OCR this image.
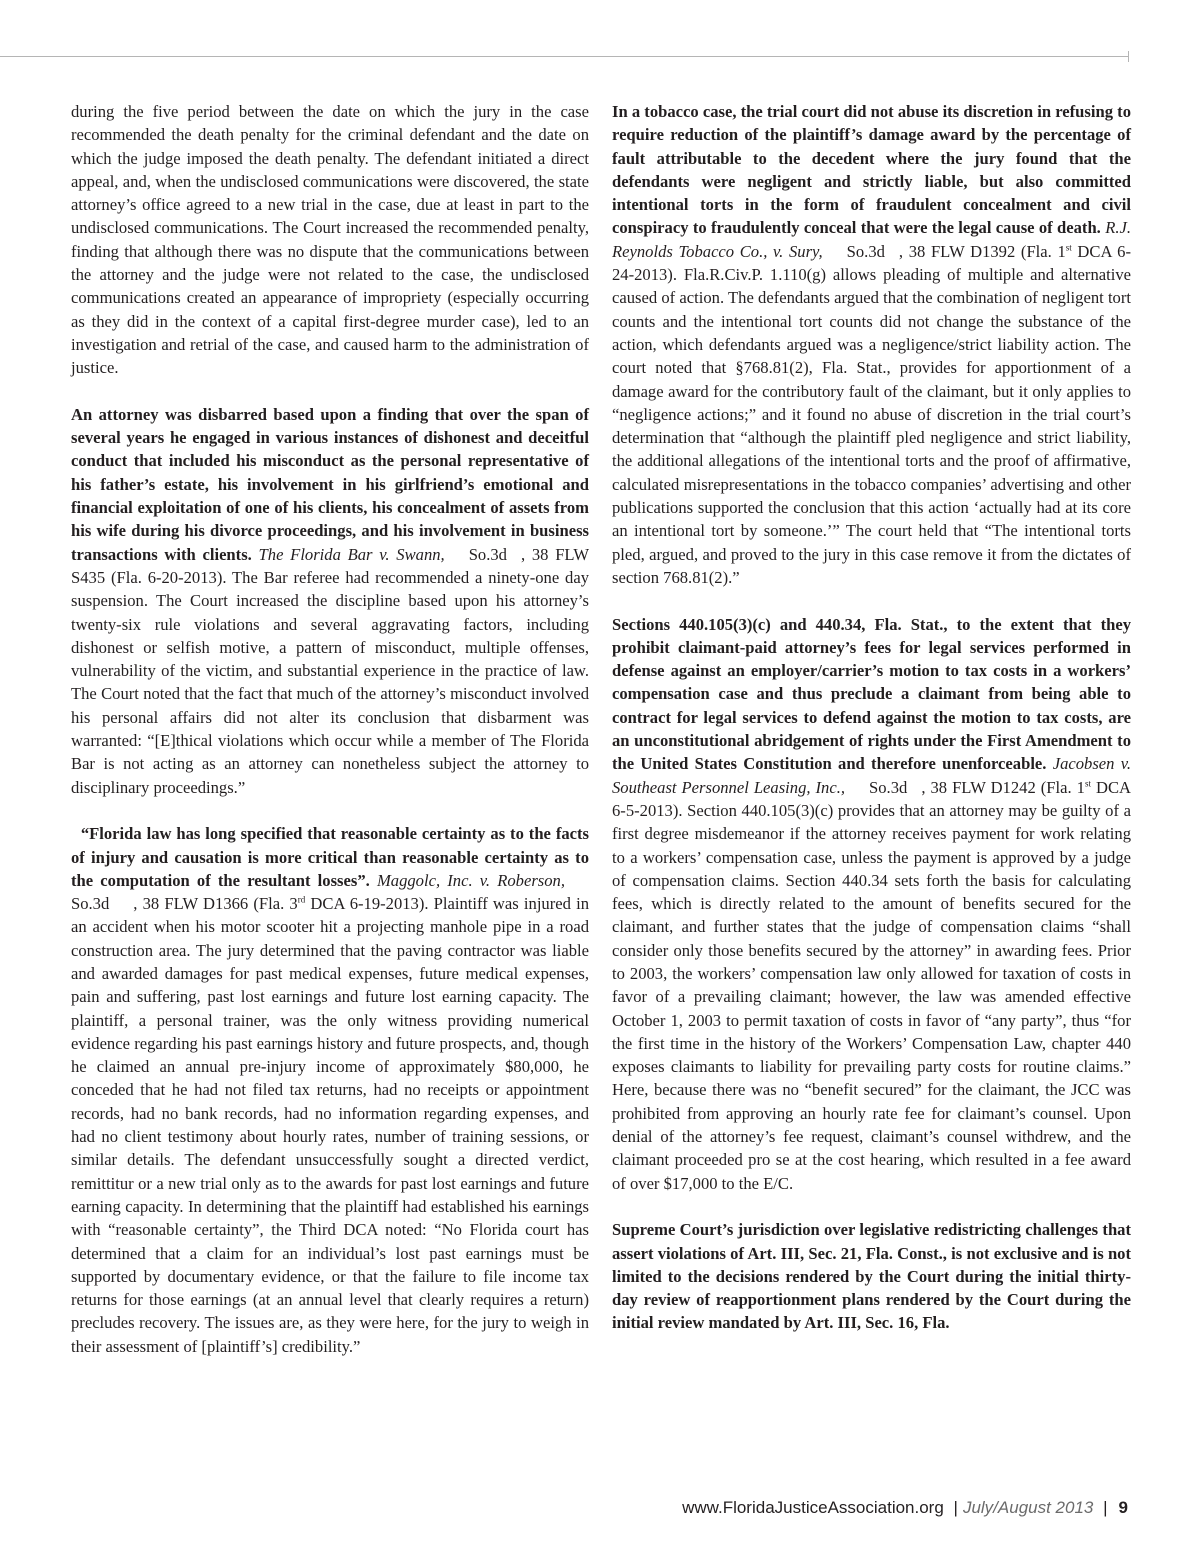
during the five period between the date on which the jury in the case recommended the death penalty for the criminal defendant and the date on which the judge imposed the death penalty. The defendant initiated a direct appeal, and, when the undisclosed communications were discovered, the state attorney’s office agreed to a new trial in the case, due at least in part to the undisclosed communications. The Court increased the recommended penalty, finding that although there was no dispute that the communications between the attorney and the judge were not related to the case, the undisclosed communications created an appearance of impropriety (especially occurring as they did in the context of a capital first-degree murder case), led to an investigation and retrial of the case, and caused harm to the administration of justice.

An attorney was disbarred based upon a finding that over the span of several years he engaged in various instances of dishonest and deceitful conduct that included his misconduct as the personal representative of his father’s estate, his involvement in his girlfriend’s emotional and financial exploitation of one of his clients, his concealment of assets from his wife during his divorce proceedings, and his involvement in business transactions with clients. The Florida Bar v. Swann, So.3d , 38 FLW S435 (Fla. 6-20-2013). The Bar referee had recommended a ninety-one day suspension. The Court increased the discipline based upon his attorney’s twenty-six rule violations and several aggravating factors, including dishonest or selfish motive, a pattern of misconduct, multiple offenses, vulnerability of the victim, and substantial experience in the practice of law. The Court noted that the fact that much of the attorney’s misconduct involved his personal affairs did not alter its conclusion that disbarment was warranted: “[E]thical violations which occur while a member of The Florida Bar is not acting as an attorney can nonetheless subject the attorney to disciplinary proceedings.”

“Florida law has long specified that reasonable certainty as to the facts of injury and causation is more critical than reasonable certainty as to the computation of the resultant losses”. Maggolc, Inc. v. Roberson,So.3d , 38 FLW D1366 (Fla. 3rd DCA 6-19-2013). Plaintiff was injured in an accident when his motor scooter hit a projecting manhole pipe in a road construction area. The jury determined that the paving contractor was liable and awarded damages for past medical expenses, future medical expenses, pain and suffering, past lost earnings and future lost earning capacity. The plaintiff, a personal trainer, was the only witness providing numerical evidence regarding his past earnings history and future prospects, and, though he claimed an annual pre-injury income of approximately $80,000, he conceded that he had not filed tax returns, had no receipts or appointment records, had no bank records, had no information regarding expenses, and had no client testimony about hourly rates, number of training sessions, or similar details. The defendant unsuccessfully sought a directed verdict, remittitur or a new trial only as to the awards for past lost earnings and future earning capacity. In determining that the plaintiff had established his earnings with “reasonable certainty”, the Third DCA noted: “No Florida court has determined that a claim for an individual’s lost past earnings must be supported by documentary evidence, or that the failure to file income tax returns for those earnings (at an annual level that clearly requires a return) precludes recovery. The issues are, as they were here, for the jury to weigh in their assessment of [plaintiff’s] credibility.”

In a tobacco case, the trial court did not abuse its discretion in refusing to require reduction of the plaintiff’s damage award by the percentage of fault attributable to the decedent where the jury found that the defendants were negligent and strictly liable, but also committed intentional torts in the form of fraudulent concealment and civil conspiracy to fraudulently conceal that were the legal cause of death. R.J. Reynolds Tobacco Co., v. Sury, So.3d , 38 FLW D1392 (Fla. 1st DCA 6-24-2013). Fla.R.Civ.P. 1.110(g) allows pleading of multiple and alternative caused of action. The defendants argued that the combination of negligent tort counts and the intentional tort counts did not change the substance of the action, which defendants argued was a negligence/strict liability action. The court noted that §768.81(2), Fla. Stat., provides for apportionment of a damage award for the contributory fault of the claimant, but it only applies to “negligence actions;” and it found no abuse of discretion in the trial court’s determination that “although the plaintiff pled negligence and strict liability, the additional allegations of the intentional torts and the proof of affirmative, calculated misrepresentations in the tobacco companies’ advertising and other publications supported the conclusion that this action ‘actually had at its core an intentional tort by someone.’” The court held that “The intentional torts pled, argued, and proved to the jury in this case remove it from the dictates of section 768.81(2).”

Sections 440.105(3)(c) and 440.34, Fla. Stat., to the extent that they prohibit claimant-paid attorney’s fees for legal services performed in defense against an employer/carrier’s motion to tax costs in a workers’ compensation case and thus preclude a claimant from being able to contract for legal services to defend against the motion to tax costs, are an unconstitutional abridgement of rights under the First Amendment to the United States Constitution and therefore unenforceable. Jacobsen v. Southeast Personnel Leasing, Inc., So.3d , 38 FLW D1242 (Fla. 1st DCA 6-5-2013). Section 440.105(3)(c) provides that an attorney may be guilty of a first degree misdemeanor if the attorney receives payment for work relating to a workers’ compensation case, unless the payment is approved by a judge of compensation claims. Section 440.34 sets forth the basis for calculating fees, which is directly related to the amount of benefits secured for the claimant, and further states that the judge of compensation claims “shall consider only those benefits secured by the attorney” in awarding fees. Prior to 2003, the workers’ compensation law only allowed for taxation of costs in favor of a prevailing claimant; however, the law was amended effective October 1, 2003 to permit taxation of costs in favor of “any party”, thus “for the first time in the history of the Workers’ Compensation Law, chapter 440 exposes claimants to liability for prevailing party costs for routine claims.” Here, because there was no “benefit secured” for the claimant, the JCC was prohibited from approving an hourly rate fee for claimant’s counsel. Upon denial of the attorney’s fee request, claimant’s counsel withdrew, and the claimant proceeded pro se at the cost hearing, which resulted in a fee award of over $17,000 to the E/C.

Supreme Court’s jurisdiction over legislative redistricting challenges that assert violations of Art. III, Sec. 21, Fla. Const., is not exclusive and is not limited to the decisions rendered by the Court during the initial thirty-day review of reapportionment plans rendered by the Court during the initial review mandated by Art. III, Sec. 16, Fla.

www.FloridaJusticeAssociation.org | July/August 2013 | 9
